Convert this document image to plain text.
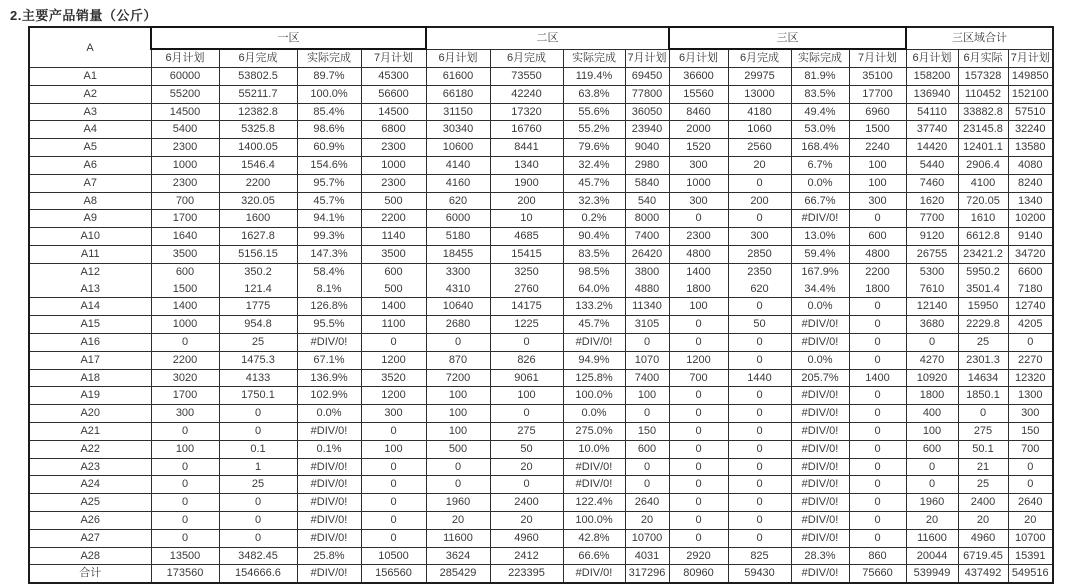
2.主要产品销量（公斤）
A	一区				二区				三区				三区域合计		
	6月计划	6月完成	实际完成	7月计划	6月计划	6月完成	实际完成	7月计划	6月计划	6月完成	实际完成	7月计划	6月计划	6月实际	7月计划
A1	60000	53802.5	89.7%	45300	61600	73550	119.4%	69450	36600	29975	81.9%	35100	158200	157328	149850
A2	55200	55211.7	100.0%	56600	66180	42240	63.8%	77800	15560	13000	83.5%	17700	136940	110452	152100
A3	14500	12382.8	85.4%	14500	31150	17320	55.6%	36050	8460	4180	49.4%	6960	54110	33882.8	57510
A4	5400	5325.8	98.6%	6800	30340	16760	55.2%	23940	2000	1060	53.0%	1500	37740	23145.8	32240
A5	2300	1400.05	60.9%	2300	10600	8441	79.6%	9040	1520	2560	168.4%	2240	14420	12401.1	13580
A6	1000	1546.4	154.6%	1000	4140	1340	32.4%	2980	300	20	6.7%	100	5440	2906.4	4080
A7	2300	2200	95.7%	2300	4160	1900	45.7%	5840	1000	0	0.0%	100	7460	4100	8240
A8	700	320.05	45.7%	500	620	200	32.3%	540	300	200	66.7%	300	1620	720.05	1340
A9	1700	1600	94.1%	2200	6000	10	0.2%	8000	0	0	#DIV/0!	0	7700	1610	10200
A10	1640	1627.8	99.3%	1140	5180	4685	90.4%	7400	2300	300	13.0%	600	9120	6612.8	9140
A11	3500	5156.15	147.3%	3500	18455	15415	83.5%	26420	4800	2850	59.4%	4800	26755	23421.2	34720
A12	600	350.2	58.4%	600	3300	3250	98.5%	3800	1400	2350	167.9%	2200	5300	5950.2	6600
A13	1500	121.4	8.1%	500	4310	2760	64.0%	4880	1800	620	34.4%	1800	7610	3501.4	7180
A14	1400	1775	126.8%	1400	10640	14175	133.2%	11340	100	0	0.0%	0	12140	15950	12740
A15	1000	954.8	95.5%	1100	2680	1225	45.7%	3105	0	50	#DIV/0!	0	3680	2229.8	4205
A16	0	25	#DIV/0!	0	0	0	#DIV/0!	0	0	0	#DIV/0!	0	0	25	0
A17	2200	1475.3	67.1%	1200	870	826	94.9%	1070	1200	0	0.0%	0	4270	2301.3	2270
A18	3020	4133	136.9%	3520	7200	9061	125.8%	7400	700	1440	205.7%	1400	10920	14634	12320
A19	1700	1750.1	102.9%	1200	100	100	100.0%	100	0	0	#DIV/0!	0	1800	1850.1	1300
A20	300	0	0.0%	300	100	0	0.0%	0	0	0	#DIV/0!	0	400	0	300
A21	0	0	#DIV/0!	0	100	275	275.0%	150	0	0	#DIV/0!	0	100	275	150
A22	100	0.1	0.1%	100	500	50	10.0%	600	0	0	#DIV/0!	0	600	50.1	700
A23	0	1	#DIV/0!	0	0	20	#DIV/0!	0	0	0	#DIV/0!	0	0	21	0
A24	0	25	#DIV/0!	0	0	0	#DIV/0!	0	0	0	#DIV/0!	0	0	25	0
A25	0	0	#DIV/0!	0	1960	2400	122.4%	2640	0	0	#DIV/0!	0	1960	2400	2640
A26	0	0	#DIV/0!	0	20	20	100.0%	20	0	0	#DIV/0!	0	20	20	20
A27	0	0	#DIV/0!	0	11600	4960	42.8%	10700	0	0	#DIV/0!	0	11600	4960	10700
A28	13500	3482.45	25.8%	10500	3624	2412	66.6%	4031	2920	825	28.3%	860	20044	6719.45	15391
合计	173560	154666.6	#DIV/0!	156560	285429	223395	#DIV/0!	317296	80960	59430	#DIV/0!	75660	539949	437492	549516
